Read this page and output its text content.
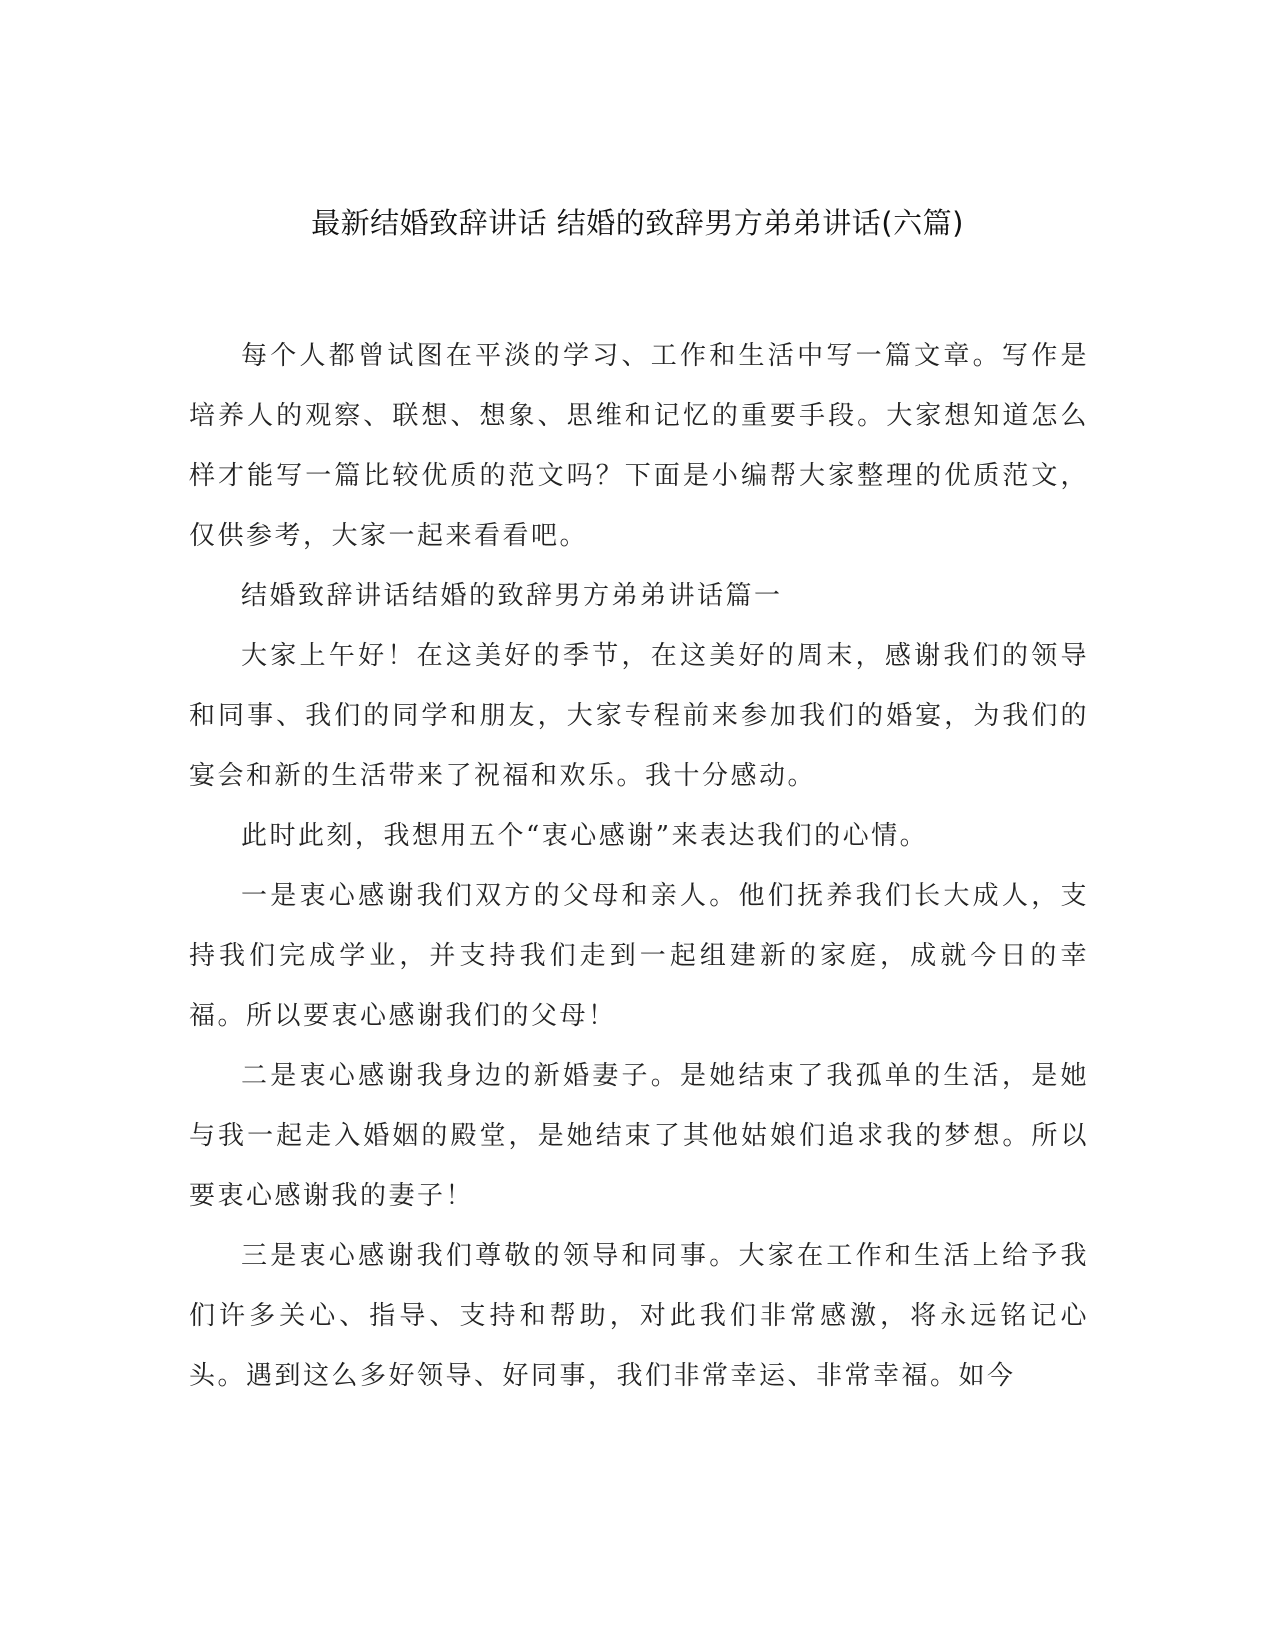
最新结婚致辞讲话 结婚的致辞男方弟弟讲话(六篇)

每个人都曾试图在平淡的学习、工作和生活中写一篇文章。写作是培养人的观察、联想、想象、思维和记忆的重要手段。大家想知道怎么样才能写一篇比较优质的范文吗？下面是小编帮大家整理的优质范文，仅供参考，大家一起来看看吧。

结婚致辞讲话结婚的致辞男方弟弟讲话篇一

大家上午好！在这美好的季节，在这美好的周末，感谢我们的领导和同事、我们的同学和朋友，大家专程前来参加我们的婚宴，为我们的宴会和新的生活带来了祝福和欢乐。我十分感动。

此时此刻，我想用五个“衷心感谢”来表达我们的心情。

一是衷心感谢我们双方的父母和亲人。他们抚养我们长大成人，支持我们完成学业，并支持我们走到一起组建新的家庭，成就今日的幸福。所以要衷心感谢我们的父母！

二是衷心感谢我身边的新婚妻子。是她结束了我孤单的生活，是她与我一起走入婚姻的殿堂，是她结束了其他姑娘们追求我的梦想。所以要衷心感谢我的妻子！

三是衷心感谢我们尊敬的领导和同事。大家在工作和生活上给予我们许多关心、指导、支持和帮助，对此我们非常感激，将永远铭记心头。遇到这么多好领导、好同事，我们非常幸运、非常幸福。如今
